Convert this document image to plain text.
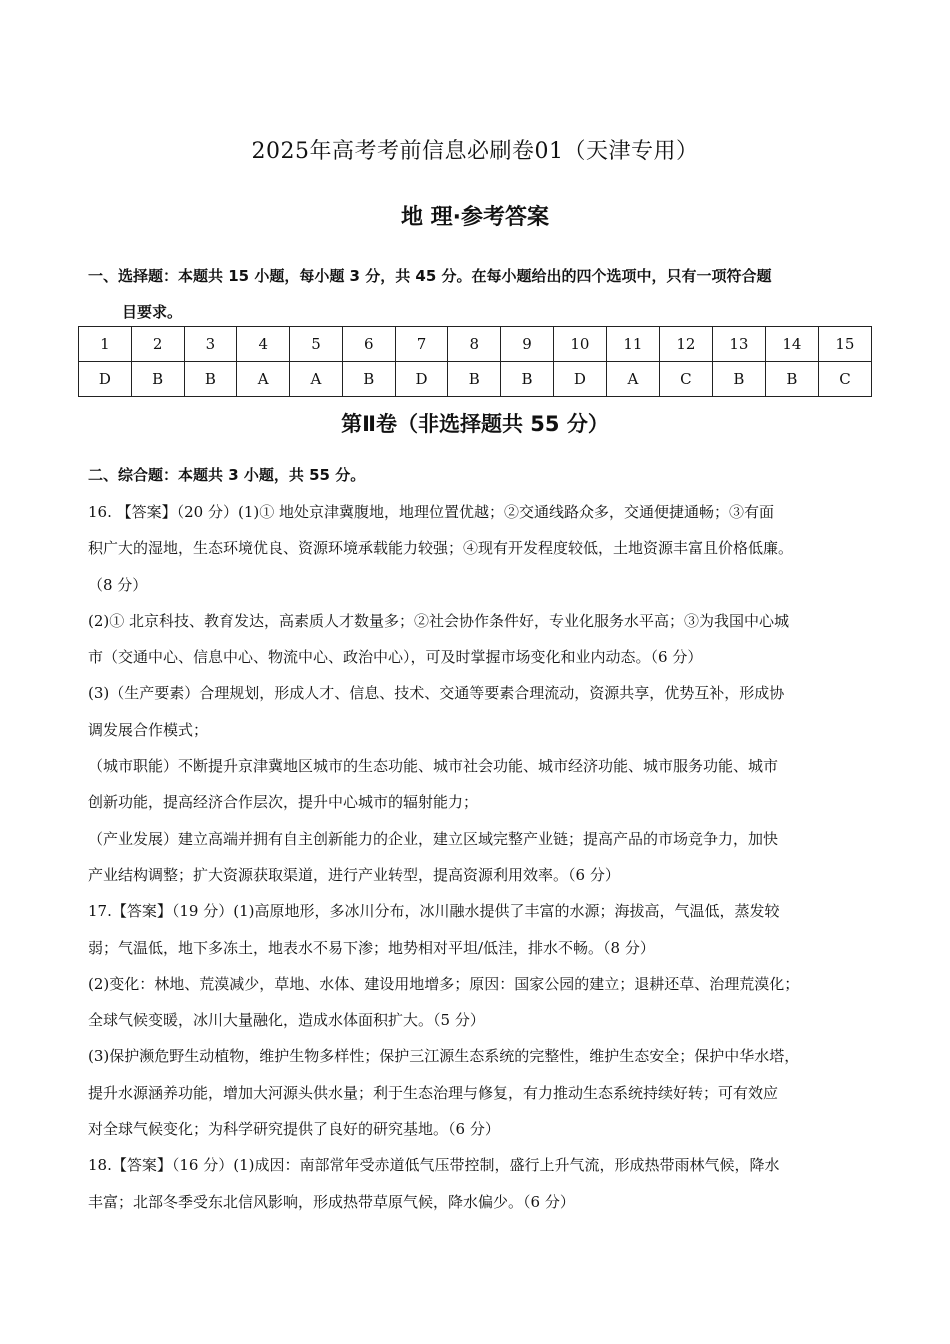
2025年高考考前信息必刷卷01（天津专用）
地 理·参考答案
一、选择题：本题共 15 小题，每小题 3 分，共 45 分。在每小题给出的四个选项中，只有一项符合题
目要求。
1	2	3	4	5	6	7	8	9	10	11	12	13	14	15
D	B	B	A	A	B	D	B	B	D	A	C	B	B	C
第Ⅱ卷（非选择题共 55 分）
二、综合题：本题共 3 小题，共 55 分。

16. 【答案】（20 分）(1)① 地处京津冀腹地，地理位置优越；②交通线路众多，交通便捷通畅；③有面

积广大的湿地，生态环境优良、资源环境承载能力较强；④现有开发程度较低，土地资源丰富且价格低廉。

（8 分）

(2)① 北京科技、教育发达，高素质人才数量多；②社会协作条件好，专业化服务水平高；③为我国中心城

市（交通中心、信息中心、物流中心、政治中心），可及时掌握市场变化和业内动态。（6 分）

(3)（生产要素）合理规划，形成人才、信息、技术、交通等要素合理流动，资源共享，优势互补，形成协

调发展合作模式；

（城市职能）不断提升京津冀地区城市的生态功能、城市社会功能、城市经济功能、城市服务功能、城市

创新功能，提高经济合作层次，提升中心城市的辐射能力；

（产业发展）建立高端并拥有自主创新能力的企业，建立区域完整产业链；提高产品的市场竞争力，加快

产业结构调整；扩大资源获取渠道，进行产业转型，提高资源利用效率。（6 分）

17.【答案】（19 分）(1)高原地形，多冰川分布，冰川融水提供了丰富的水源；海拔高，气温低，蒸发较

弱；气温低，地下多冻土，地表水不易下渗；地势相对平坦/低洼，排水不畅。（8 分）

(2)变化：林地、荒漠减少，草地、水体、建设用地增多；原因：国家公园的建立；退耕还草、治理荒漠化；

全球气候变暖，冰川大量融化，造成水体面积扩大。（5 分）

(3)保护濒危野生动植物，维护生物多样性；保护三江源生态系统的完整性，维护生态安全；保护中华水塔，

提升水源涵养功能，增加大河源头供水量；利于生态治理与修复，有力推动生态系统持续好转；可有效应

对全球气候变化；为科学研究提供了良好的研究基地。（6 分）

18.【答案】（16 分）(1)成因：南部常年受赤道低气压带控制，盛行上升气流，形成热带雨林气候，降水

丰富；北部冬季受东北信风影响，形成热带草原气候，降水偏少。（6 分）
